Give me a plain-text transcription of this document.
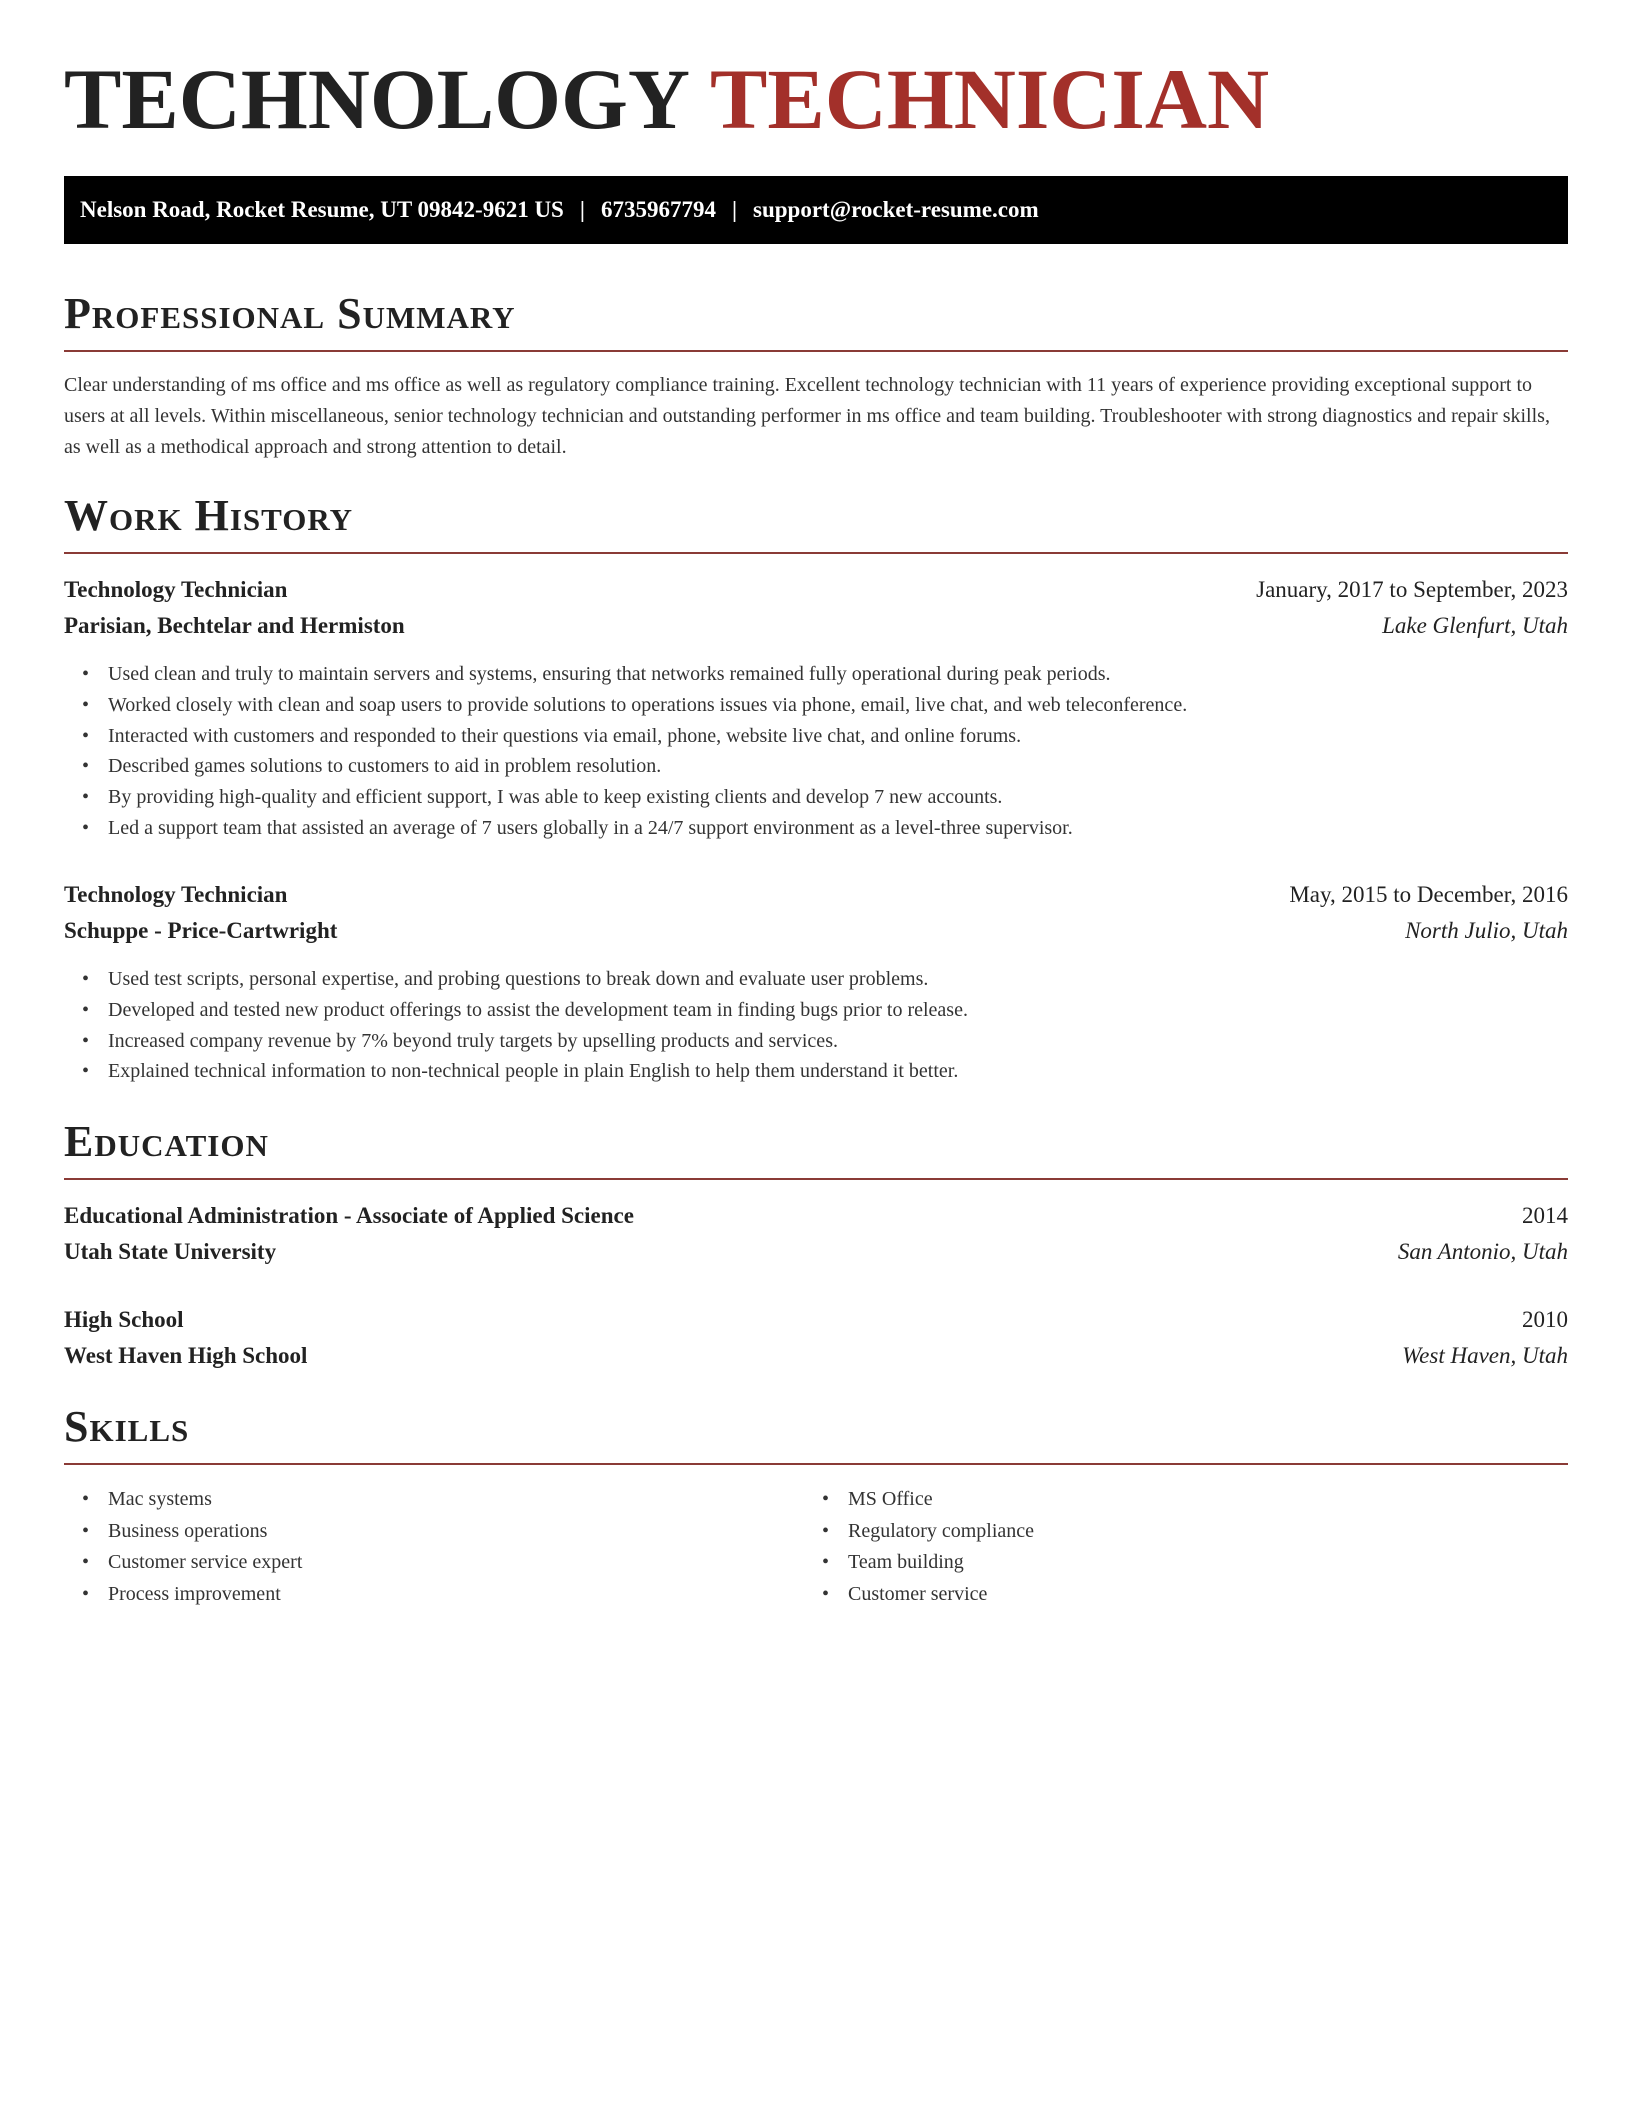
TECHNOLOGY TECHNICIAN
Nelson Road, Rocket Resume, UT 09842-9621 US | 6735967794 | support@rocket-resume.com
Professional Summary

Clear understanding of ms office and ms office as well as regulatory compliance training. Excellent technology technician with 11 years of experience providing exceptional support to users at all levels. Within miscellaneous, senior technology technician and outstanding performer in ms office and team building. Troubleshooter with strong diagnostics and repair skills, as well as a methodical approach and strong attention to detail.

Work History
Technology Technician	January, 2017 to September, 2023
Parisian, Bechtelar and Hermiston	Lake Glenfurt, Utah
• Used clean and truly to maintain servers and systems, ensuring that networks remained fully operational during peak periods.
• Worked closely with clean and soap users to provide solutions to operations issues via phone, email, live chat, and web teleconference.
• Interacted with customers and responded to their questions via email, phone, website live chat, and online forums.
• Described games solutions to customers to aid in problem resolution.
• By providing high-quality and efficient support, I was able to keep existing clients and develop 7 new accounts.
• Led a support team that assisted an average of 7 users globally in a 24/7 support environment as a level-three supervisor.
Technology Technician	May, 2015 to December, 2016
Schuppe - Price-Cartwright	North Julio, Utah
• Used test scripts, personal expertise, and probing questions to break down and evaluate user problems.
• Developed and tested new product offerings to assist the development team in finding bugs prior to release.
• Increased company revenue by 7% beyond truly targets by upselling products and services.
• Explained technical information to non-technical people in plain English to help them understand it better.
Education
Educational Administration - Associate of Applied Science	2014
Utah State University	San Antonio, Utah
High School	2010
West Haven High School	West Haven, Utah
Skills
• Mac systems
• Business operations
• Customer service expert
• Process improvement
• MS Office
• Regulatory compliance
• Team building
• Customer service
